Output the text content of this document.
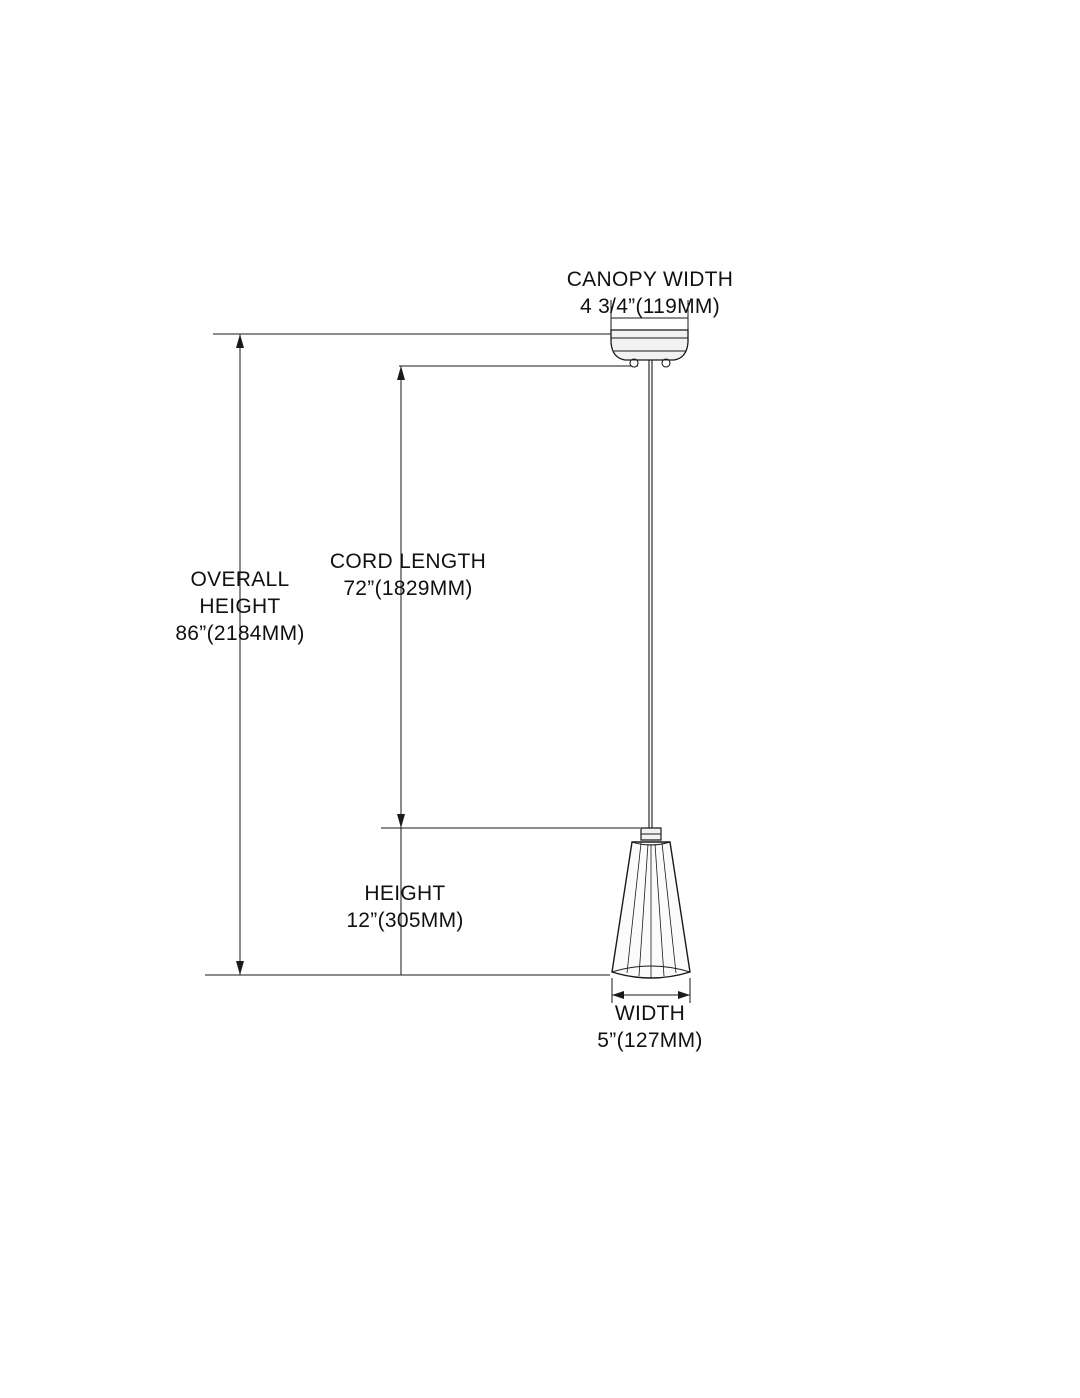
CANOPY WIDTH
4 3/4”(119MM)
CORD LENGTH
72”(1829MM)
OVERALL
HEIGHT
86”(2184MM)
HEIGHT
12”(305MM)
WIDTH
5”(127MM)
